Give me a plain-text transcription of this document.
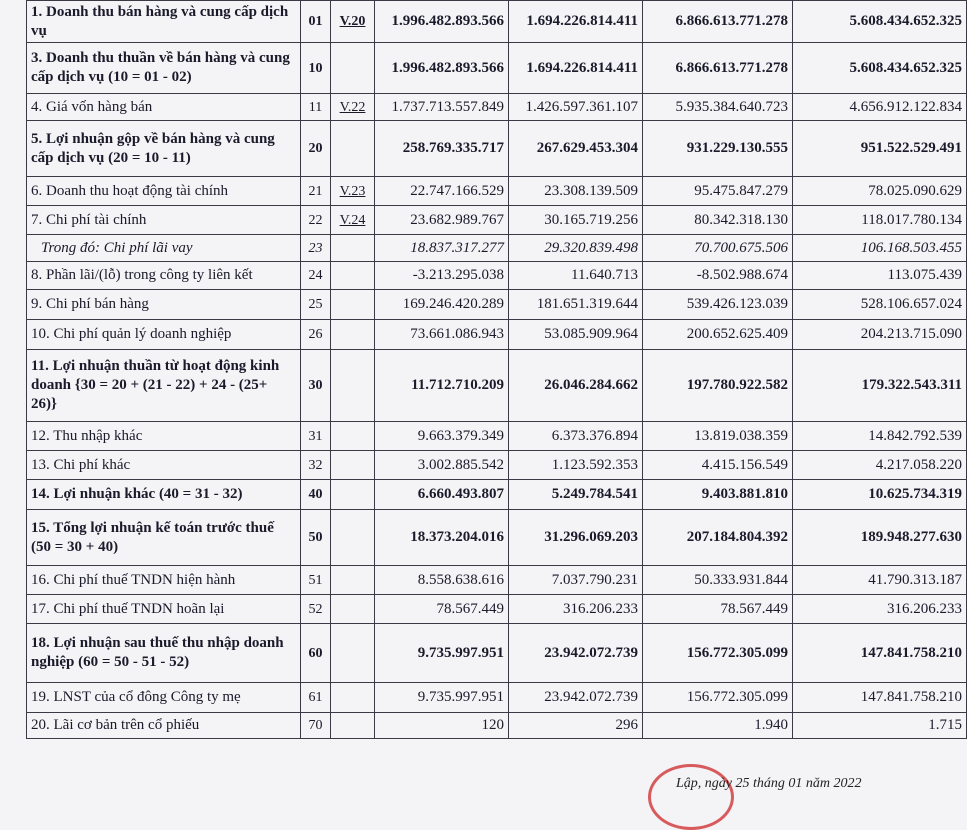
1. Doanh thu bán hàng và cung cấp dịch vụ	01	V.20	1.996.482.893.566	1.694.226.814.411	6.866.613.771.278	5.608.434.652.325
3. Doanh thu thuần về bán hàng và cung cấp dịch vụ (10 = 01 - 02)	10		1.996.482.893.566	1.694.226.814.411	6.866.613.771.278	5.608.434.652.325
4. Giá vốn hàng bán	11	V.22	1.737.713.557.849	1.426.597.361.107	5.935.384.640.723	4.656.912.122.834
5. Lợi nhuận gộp về bán hàng và cung cấp dịch vụ (20 = 10 - 11)	20		258.769.335.717	267.629.453.304	931.229.130.555	951.522.529.491
6. Doanh thu hoạt động tài chính	21	V.23	22.747.166.529	23.308.139.509	95.475.847.279	78.025.090.629
7. Chi phí tài chính	22	V.24	23.682.989.767	30.165.719.256	80.342.318.130	118.017.780.134
Trong đó: Chi phí lãi vay	23		18.837.317.277	29.320.839.498	70.700.675.506	106.168.503.455
8. Phần lãi/(lỗ) trong công ty liên kết	24		-3.213.295.038	11.640.713	-8.502.988.674	113.075.439
9. Chi phí bán hàng	25		169.246.420.289	181.651.319.644	539.426.123.039	528.106.657.024
10. Chi phí quản lý doanh nghiệp	26		73.661.086.943	53.085.909.964	200.652.625.409	204.213.715.090
11. Lợi nhuận thuần từ hoạt động kinh doanh {30 = 20 + (21 - 22) + 24 - (25+ 26)}	30		11.712.710.209	26.046.284.662	197.780.922.582	179.322.543.311
12. Thu nhập khác	31		9.663.379.349	6.373.376.894	13.819.038.359	14.842.792.539
13. Chi phí khác	32		3.002.885.542	1.123.592.353	4.415.156.549	4.217.058.220
14. Lợi nhuận khác (40 = 31 - 32)	40		6.660.493.807	5.249.784.541	9.403.881.810	10.625.734.319
15. Tổng lợi nhuận kế toán trước thuế (50 = 30 + 40)	50		18.373.204.016	31.296.069.203	207.184.804.392	189.948.277.630
16. Chi phí thuế TNDN hiện hành	51		8.558.638.616	7.037.790.231	50.333.931.844	41.790.313.187
17. Chi phí thuế TNDN hoãn lại	52		78.567.449	316.206.233	78.567.449	316.206.233
18. Lợi nhuận sau thuế thu nhập doanh nghiệp (60 = 50 - 51 - 52)	60		9.735.997.951	23.942.072.739	156.772.305.099	147.841.758.210
19. LNST của cổ đông Công ty mẹ	61		9.735.997.951	23.942.072.739	156.772.305.099	147.841.758.210
20. Lãi cơ bản trên cổ phiếu	70		120	296	1.940	1.715
Lập, ngày 25 tháng 01 năm 2022
